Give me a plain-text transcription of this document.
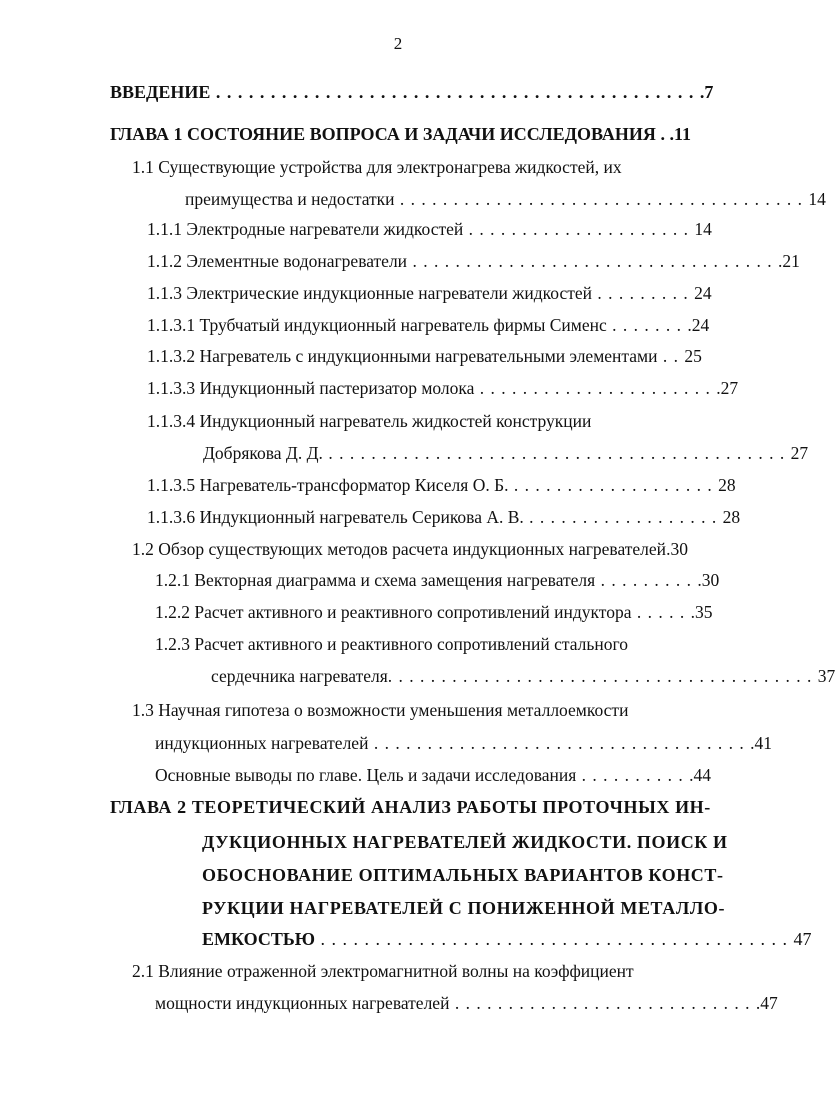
2
ВВЕДЕНИЕ . . . . . . . . . . . . . . . . . . . . . . . . . . . . . . . . . . . . . . . . . . . . .7
ГЛАВА 1 СОСТОЯНИЕ ВОПРОСА И ЗАДАЧИ ИССЛЕДОВАНИЯ . .11
1.1 Существующие устройства для электронагрева жидкостей, их
преимущества и недостатки . . . . . . . . . . . . . . . . . . . . . . . . . . . . . . . . . . . . . . 14
1.1.1 Электродные нагреватели жидкостей . . . . . . . . . . . . . . . . . . . . . 14
1.1.2 Элементные водонагреватели . . . . . . . . . . . . . . . . . . . . . . . . . . . . . . . . . . .21
1.1.3 Электрические индукционные нагреватели жидкостей . . . . . . . . . 24
1.1.3.1 Трубчатый индукционный нагреватель фирмы Сименс . . . . . . . .24
1.1.3.2 Нагреватель с индукционными нагревательными элементами . . 25
1.1.3.3 Индукционный пастеризатор молока . . . . . . . . . . . . . . . . . . . . . . .27
1.1.3.4 Индукционный нагреватель жидкостей конструкции
Добрякова Д. Д. . . . . . . . . . . . . . . . . . . . . . . . . . . . . . . . . . . . . . . . . . . . 27
1.1.3.5 Нагреватель-трансформатор Киселя О. Б. . . . . . . . . . . . . . . . . . . . 28
1.1.3.6 Индукционный нагреватель Серикова А. В. . . . . . . . . . . . . . . . . . . 28
1.2 Обзор существующих методов расчета индукционных нагревателей.30
1.2.1 Векторная диаграмма и схема замещения нагревателя . . . . . . . . . .30
1.2.2 Расчет активного и реактивного сопротивлений индуктора . . . . . .35
1.2.3 Расчет активного и реактивного сопротивлений стального
сердечника нагревателя. . . . . . . . . . . . . . . . . . . . . . . . . . . . . . . . . . . . . . . . 37
1.3 Научная гипотеза о возможности уменьшения металлоемкости
индукционных нагревателей . . . . . . . . . . . . . . . . . . . . . . . . . . . . . . . . . . . .41
Основные выводы по главе. Цель и задачи исследования . . . . . . . . . . .44
ГЛАВА 2 ТЕОРЕТИЧЕСКИЙ АНАЛИЗ РАБОТЫ ПРОТОЧНЫХ ИН-
ДУКЦИОННЫХ НАГРЕВАТЕЛЕЙ ЖИДКОСТИ. ПОИСК И
ОБОСНОВАНИЕ ОПТИМАЛЬНЫХ ВАРИАНТОВ КОНСТ-
РУКЦИИ НАГРЕВАТЕЛЕЙ С ПОНИЖЕННОЙ МЕТАЛЛО-
ЕМКОСТЬЮ . . . . . . . . . . . . . . . . . . . . . . . . . . . . . . . . . . . . . . . . . . . 47
2.1 Влияние отраженной электромагнитной волны на коэффициент
мощности индукционных нагревателей . . . . . . . . . . . . . . . . . . . . . . . . . . . . .47
